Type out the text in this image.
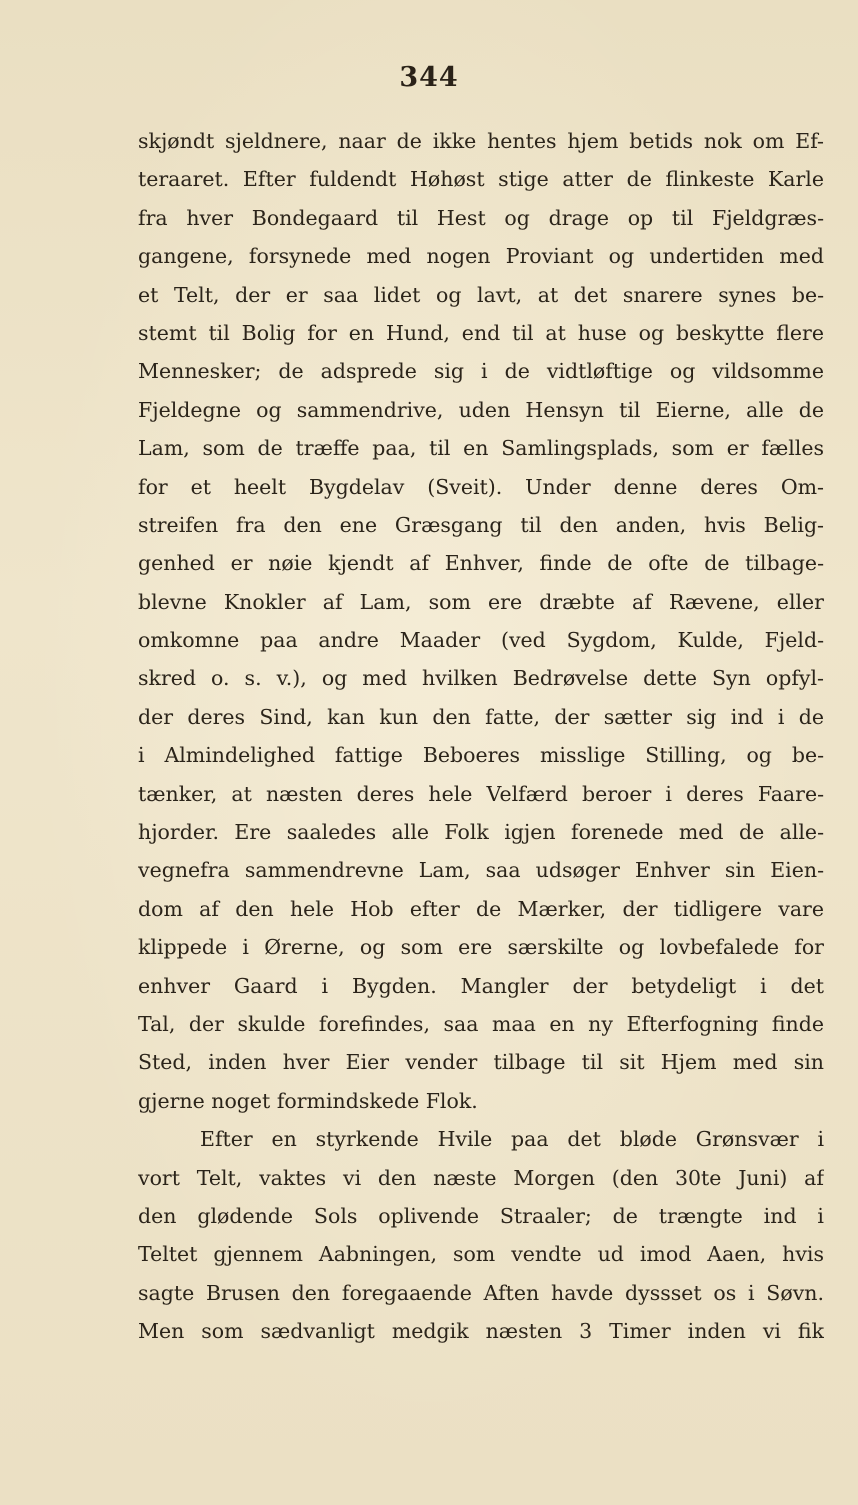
344
skjøndt sjeldnere, naar de ikke hentes hjem betids nok om Ef-
teraaret. Efter fuldendt Høhøst stige atter de flinkeste Karle
fra hver Bondegaard til Hest og drage op til Fjeldgræs-
gangene, forsynede med nogen Proviant og undertiden med
et Telt, der er saa lidet og lavt, at det snarere synes be-
stemt til Bolig for en Hund, end til at huse og beskytte flere
Mennesker; de adsprede sig i de vidtløftige og vildsomme
Fjeldegne og sammendrive, uden Hensyn til Eierne, alle de
Lam, som de træffe paa, til en Samlingsplads, som er fælles
for et heelt Bygdelav (Sveit). Under denne deres Om-
streifen fra den ene Græsgang til den anden, hvis Belig-
genhed er nøie kjendt af Enhver, finde de ofte de tilbage-
blevne Knokler af Lam, som ere dræbte af Rævene, eller
omkomne paa andre Maader (ved Sygdom, Kulde, Fjeld-
skred o. s. v.), og med hvilken Bedrøvelse dette Syn opfyl-
der deres Sind, kan kun den fatte, der sætter sig ind i de
i Almindelighed fattige Beboeres misslige Stilling, og be-
tænker, at næsten deres hele Velfærd beroer i deres Faare-
hjorder. Ere saaledes alle Folk igjen forenede med de alle-
vegnefra sammendrevne Lam, saa udsøger Enhver sin Eien-
dom af den hele Hob efter de Mærker, der tidligere vare
klippede i Ørerne, og som ere særskilte og lovbefalede for
enhver Gaard i Bygden. Mangler der betydeligt i det
Tal, der skulde forefindes, saa maa en ny Efterfogning finde
Sted, inden hver Eier vender tilbage til sit Hjem med sin
gjerne noget formindskede Flok.
Efter en styrkende Hvile paa det bløde Grønsvær i
vort Telt, vaktes vi den næste Morgen (den 30te Juni) af
den glødende Sols oplivende Straaler; de trængte ind i
Teltet gjennem Aabningen, som vendte ud imod Aaen, hvis
sagte Brusen den foregaaende Aften havde dyssset os i Søvn.
Men som sædvanligt medgik næsten 3 Timer inden vi fik
